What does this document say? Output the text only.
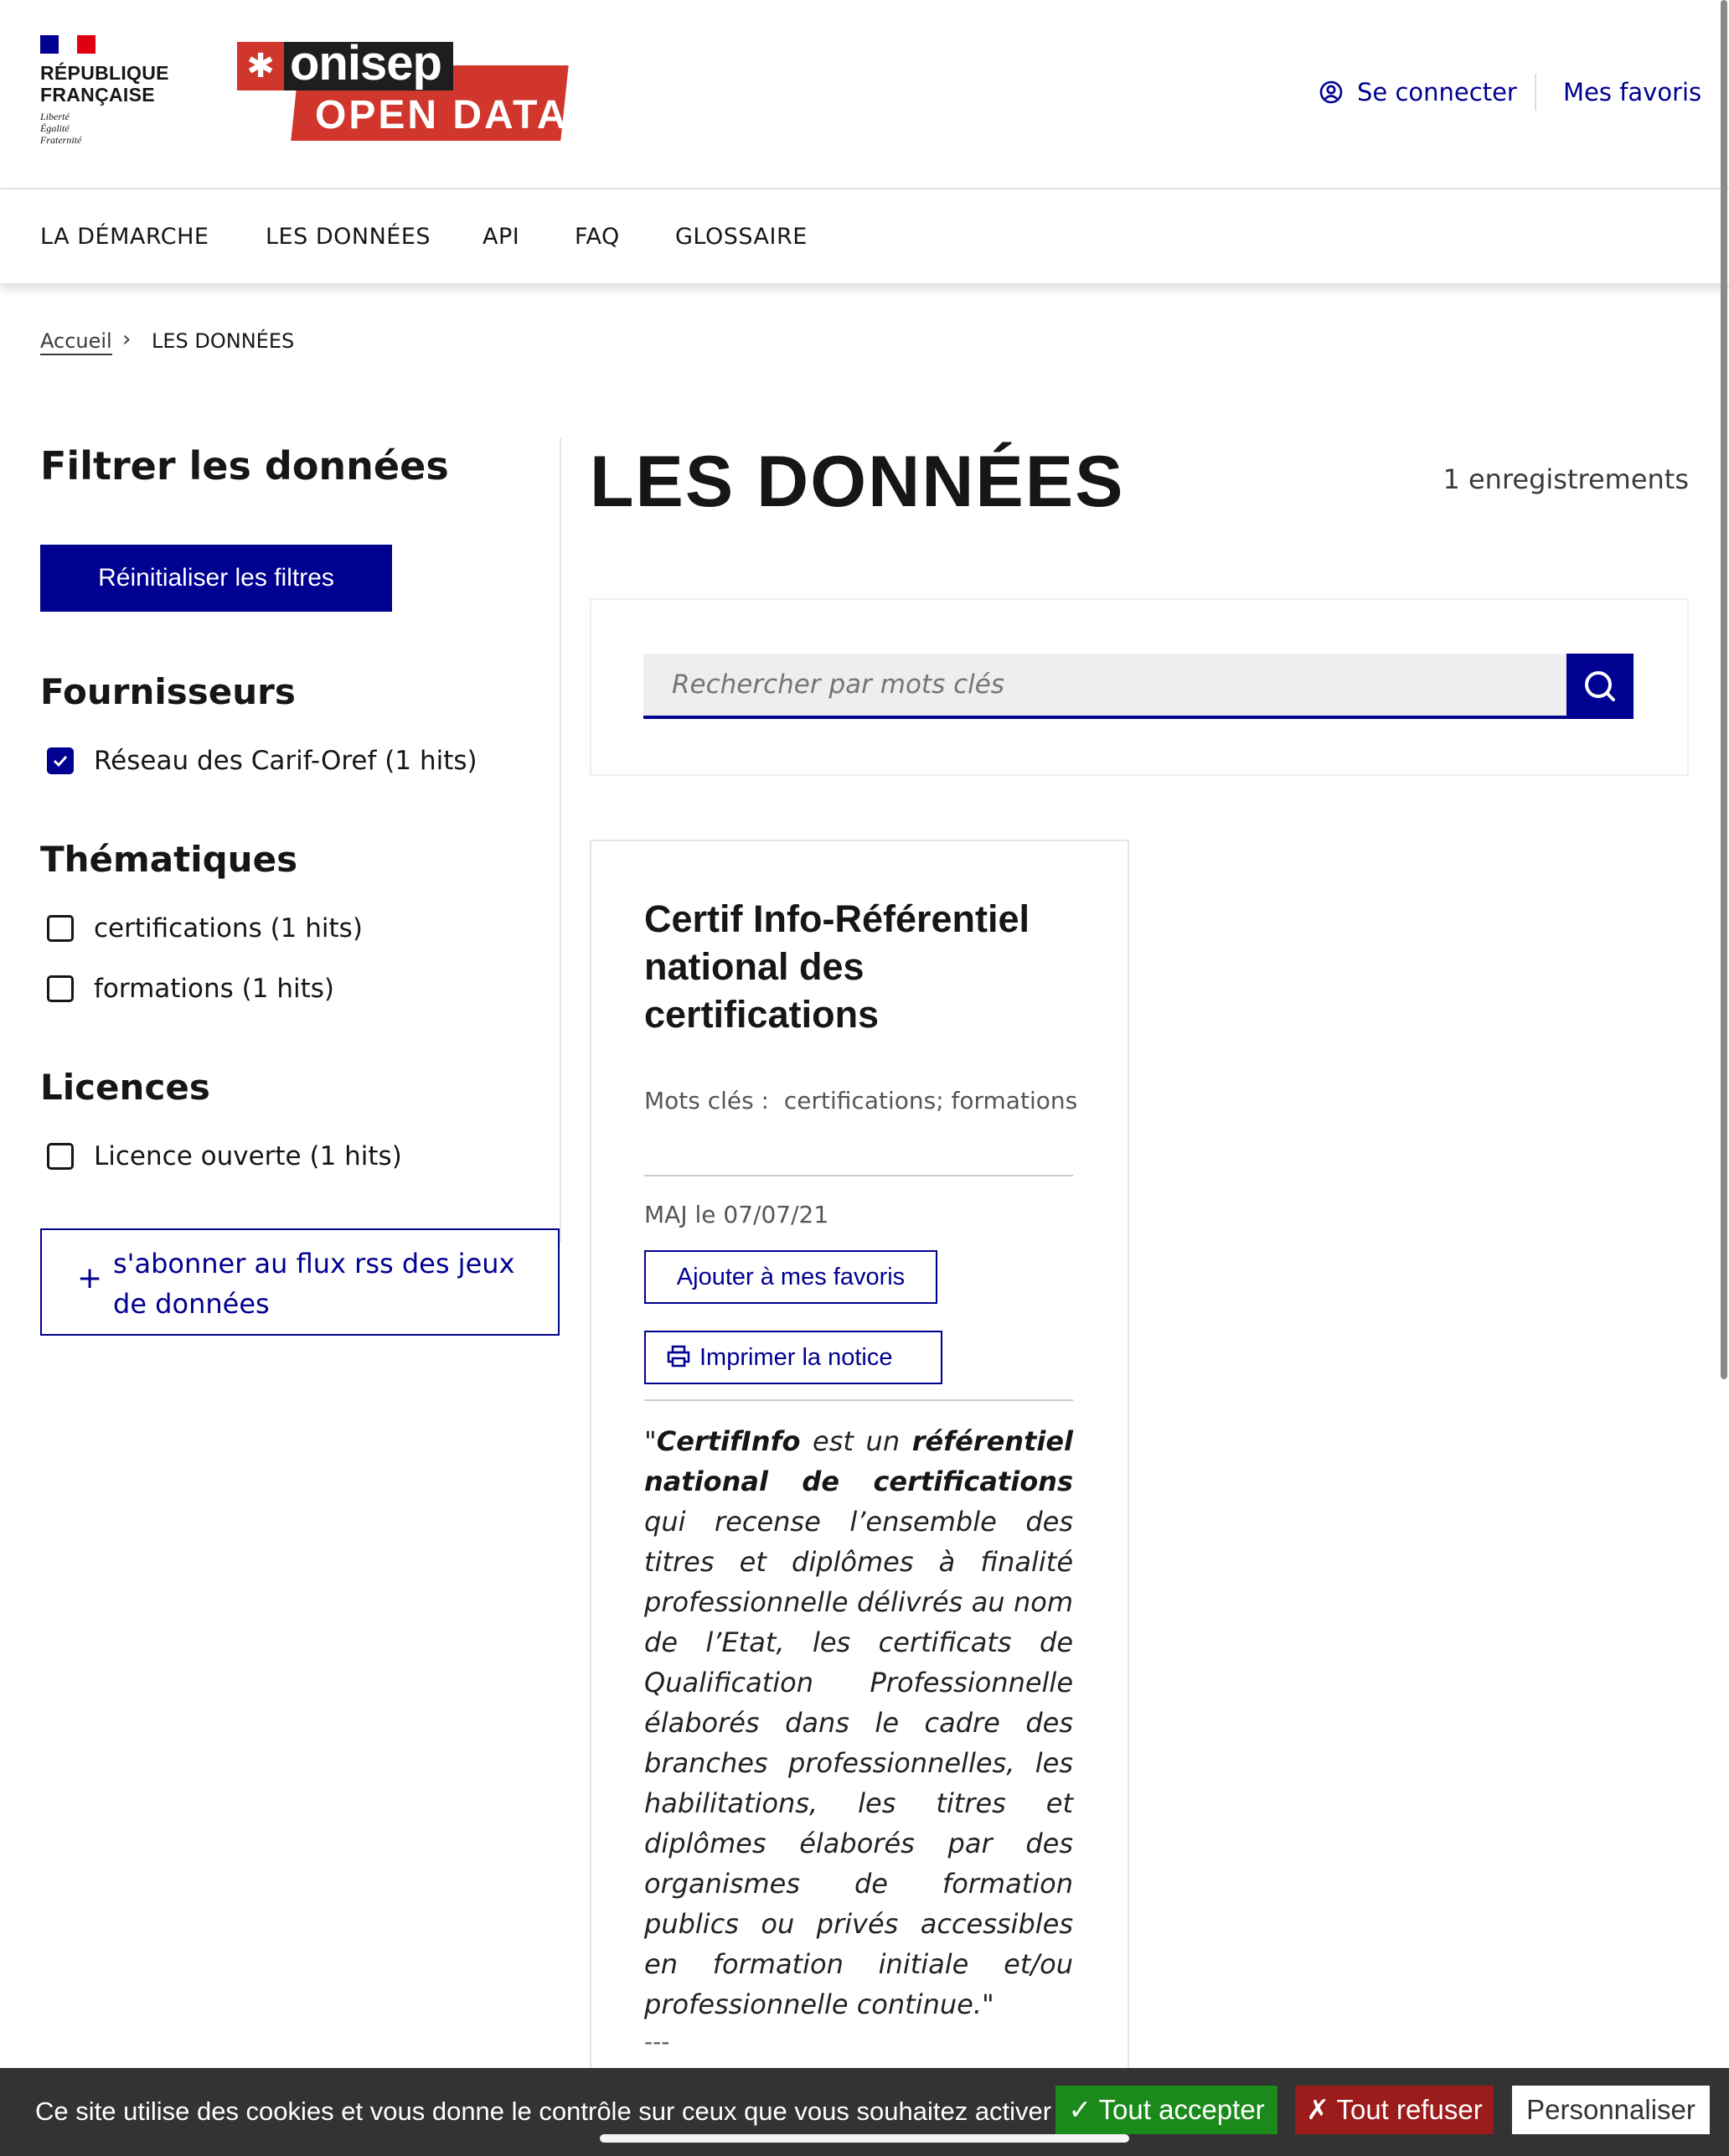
RÉPUBLIQUE
FRANÇAISE
Liberté
Égalité
Fraternité
✱ onisep
OPEN DATA
Se connecter Mes favoris
LA DÉMARCHE	LES DONNÉES API FAQ GLOSSAIRE
Accueil › LES DONNÉES
Filtrer les données
Réinitialiser les filtres
Fournisseurs
Réseau des Carif-Oref (1 hits)
Thématiques
certifications (1 hits)
formations (1 hits)
Licences
Licence ouverte (1 hits)
+ s'abonner au flux rss des jeux de données
LES DONNÉES	1 enregistrements
Rechercher par mots clés
Certif Info-Référentiel national des certifications
Mots clés : certifications; formations
MAJ le 07/07/21
Ajouter à mes favoris
Imprimer la notice
"CertifInfo est un référentiel national de certifications qui recense l’ensemble des titres et diplômes à finalité professionnelle délivrés au nom de l’Etat, les certificats de Qualification Professionnelle élaborés dans le cadre des branches professionnelles, les habilitations, les titres et diplômes élaborés par des organismes de formation publics ou privés accessibles en formation initiale et/ou professionnelle continue."
---
Ce site utilise des cookies et vous donne le contrôle sur ceux que vous souhaitez activer ✓ Tout accepter	✗ Tout refuser	Personnaliser
